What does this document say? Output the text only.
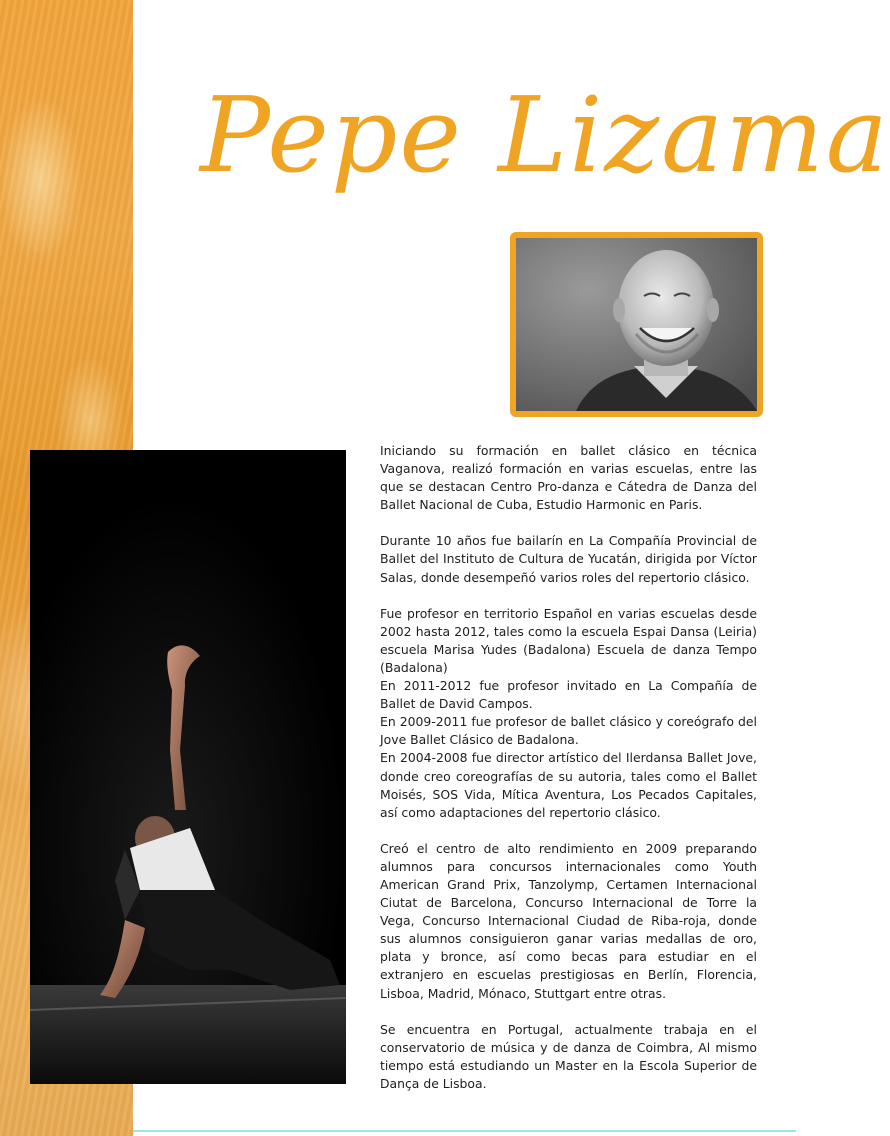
Pepe Lizama

Iniciando su formación en ballet clásico en técnica Vaganova, realizó formación en varias escuelas, entre las que se destacan Centro Pro-danza e Cátedra de Danza del Ballet Nacional de Cuba, Estudio Harmonic en Paris.

Durante 10 años fue bailarín en La Compañía Provincial de Ballet del Instituto de Cultura de Yucatán, dirigida por Víctor Salas, donde desempeñó varios roles del repertorio clásico.

Fue profesor en territorio Español en varias escuelas desde 2002 hasta 2012, tales como la escuela Espai Dansa (Leiria) escuela Marisa Yudes (Badalona) Escuela de danza Tempo (Badalona)

En 2011-2012 fue profesor invitado en La Compañía de Ballet de David Campos.

En 2009-2011 fue profesor de ballet clásico y coreógrafo del Jove Ballet Clásico de Badalona.

En 2004-2008 fue director artístico del Ilerdansa Ballet Jove, donde creo coreografías de su autoria, tales como el Ballet Moisés, SOS Vida, Mítica Aventura, Los Pecados Capitales, así como adaptaciones del repertorio clásico.

Creó el centro de alto rendimiento en 2009 preparando alumnos para concursos internacionales como Youth American Grand Prix, Tanzolymp, Certamen Internacional Ciutat de Barcelona, Concurso Internacional de Torre la Vega, Concurso Internacional Ciudad de Riba-roja, donde sus alumnos consiguieron ganar varias medallas de oro, plata y bronce, así como becas para estudiar en el extranjero en escuelas prestigiosas en Berlín, Florencia, Lisboa, Madrid, Mónaco, Stuttgart entre otras.

Se encuentra en Portugal, actualmente trabaja en el conservatorio de música y de danza de Coimbra, Al mismo tiempo está estudiando un Master en la Escola Superior de Dança de Lisboa.
